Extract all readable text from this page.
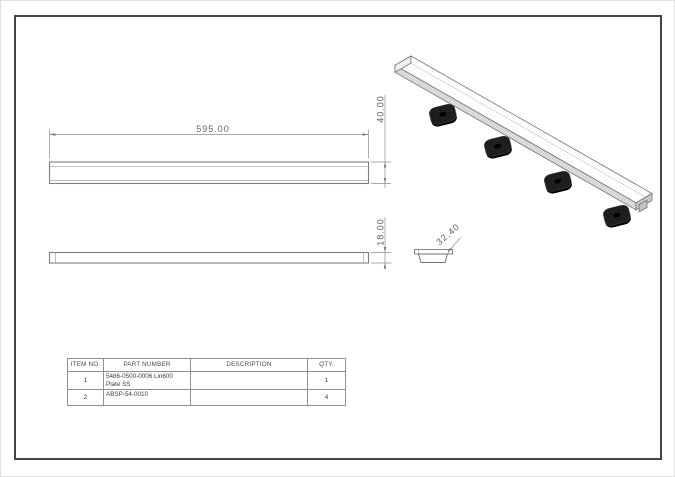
595.00
40.00
18.00	32.40
ITEM NO.	PART NUMBER	DESCRIPTION	QTY.
1	5486-0500-0006 Lin600 Plate SS		1
2	ABSP-54-0010		4
